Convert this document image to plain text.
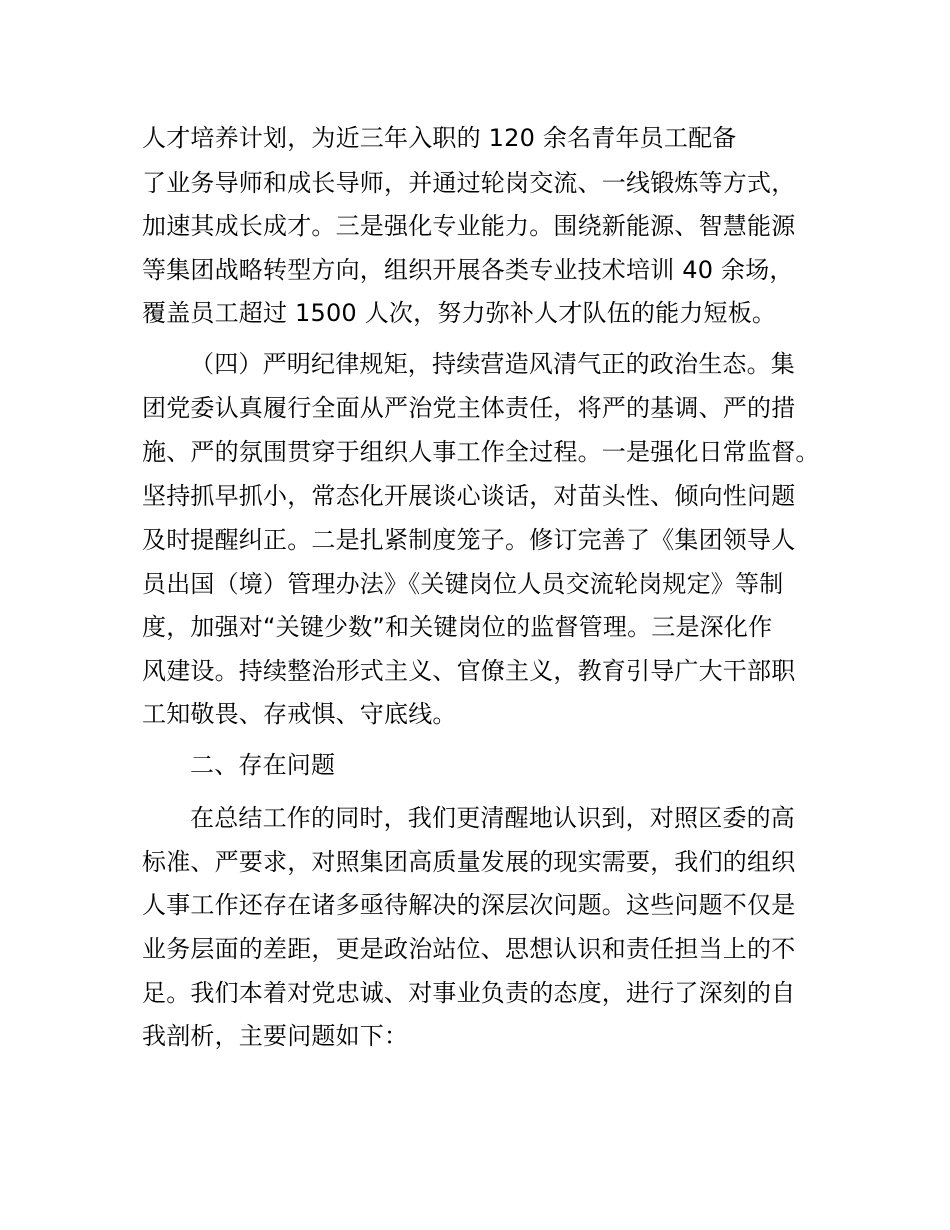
人才培养计划，为近三年入职的 120 余名青年员工配备
了业务导师和成长导师，并通过轮岗交流、一线锻炼等方式，
加速其成长成才。三是强化专业能力。围绕新能源、智慧能源
等集团战略转型方向，组织开展各类专业技术培训 40 余场，
覆盖员工超过 1500 人次，努力弥补人才队伍的能力短板。
（四）严明纪律规矩，持续营造风清气正的政治生态。集
团党委认真履行全面从严治党主体责任，将严的基调、严的措
施、严的氛围贯穿于组织人事工作全过程。一是强化日常监督。
坚持抓早抓小，常态化开展谈心谈话，对苗头性、倾向性问题
及时提醒纠正。二是扎紧制度笼子。修订完善了《集团领导人
员出国（境）管理办法》《关键岗位人员交流轮岗规定》等制
度，加强对“关键少数”和关键岗位的监督管理。三是深化作
风建设。持续整治形式主义、官僚主义，教育引导广大干部职
工知敬畏、存戒惧、守底线。
二、存在问题
在总结工作的同时，我们更清醒地认识到，对照区委的高
标准、严要求，对照集团高质量发展的现实需要，我们的组织
人事工作还存在诸多亟待解决的深层次问题。这些问题不仅是
业务层面的差距，更是政治站位、思想认识和责任担当上的不
足。我们本着对党忠诚、对事业负责的态度，进行了深刻的自
我剖析，主要问题如下：
